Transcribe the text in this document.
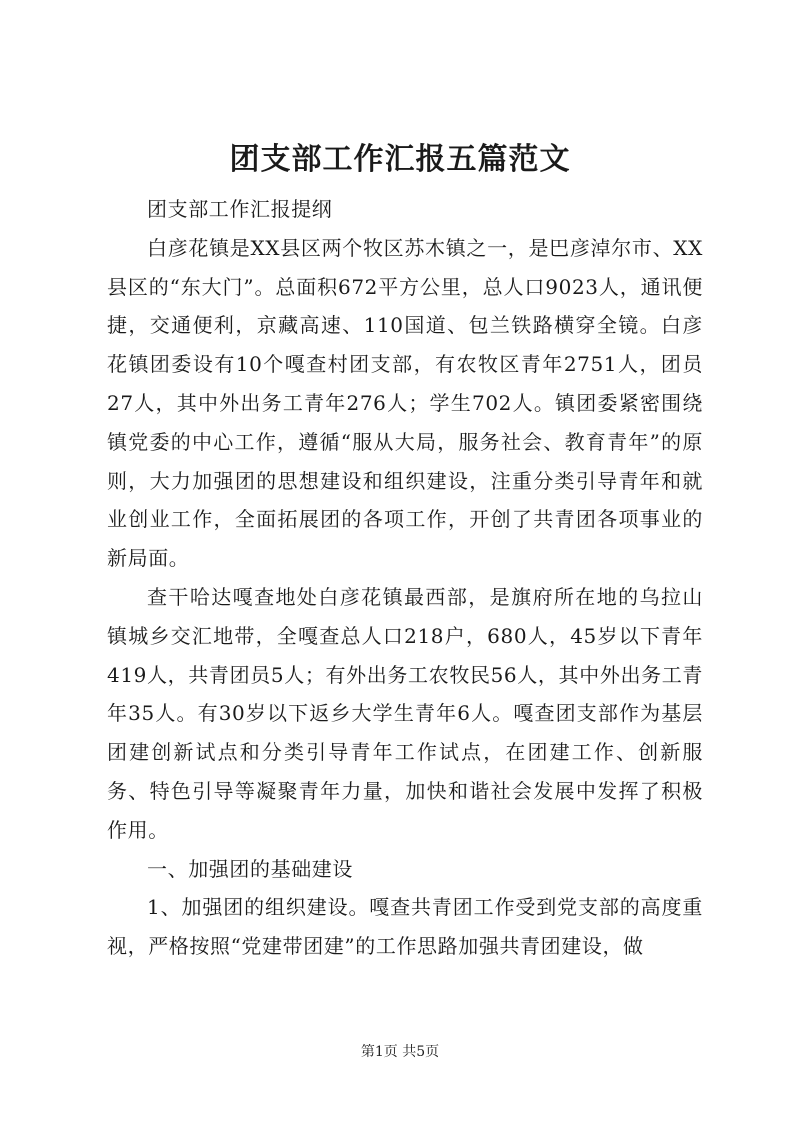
团支部工作汇报五篇范文

团支部工作汇报提纲

白彦花镇是XX县区两个牧区苏木镇之一，是巴彦淖尔市、XX县区的“东大门”。总面积672平方公里，总人口9023人，通讯便捷，交通便利，京藏高速、110国道、包兰铁路横穿全镜。白彦花镇团委设有10个嘎查村团支部，有农牧区青年2751人，团员27人，其中外出务工青年276人；学生702人。镇团委紧密围绕镇党委的中心工作，遵循“服从大局，服务社会、教育青年”的原则，大力加强团的思想建设和组织建设，注重分类引导青年和就业创业工作，全面拓展团的各项工作，开创了共青团各项事业的新局面。

查干哈达嘎查地处白彦花镇最西部，是旗府所在地的乌拉山镇城乡交汇地带，全嘎查总人口218户，680人，45岁以下青年419人，共青团员5人；有外出务工农牧民56人，其中外出务工青年35人。有30岁以下返乡大学生青年6人。嘎查团支部作为基层团建创新试点和分类引导青年工作试点，在团建工作、创新服务、特色引导等凝聚青年力量，加快和谐社会发展中发挥了积极作用。

一、加强团的基础建设

1、加强团的组织建设。嘎查共青团工作受到党支部的高度重视，严格按照“党建带团建”的工作思路加强共青团建设，做

第1页 共5页
